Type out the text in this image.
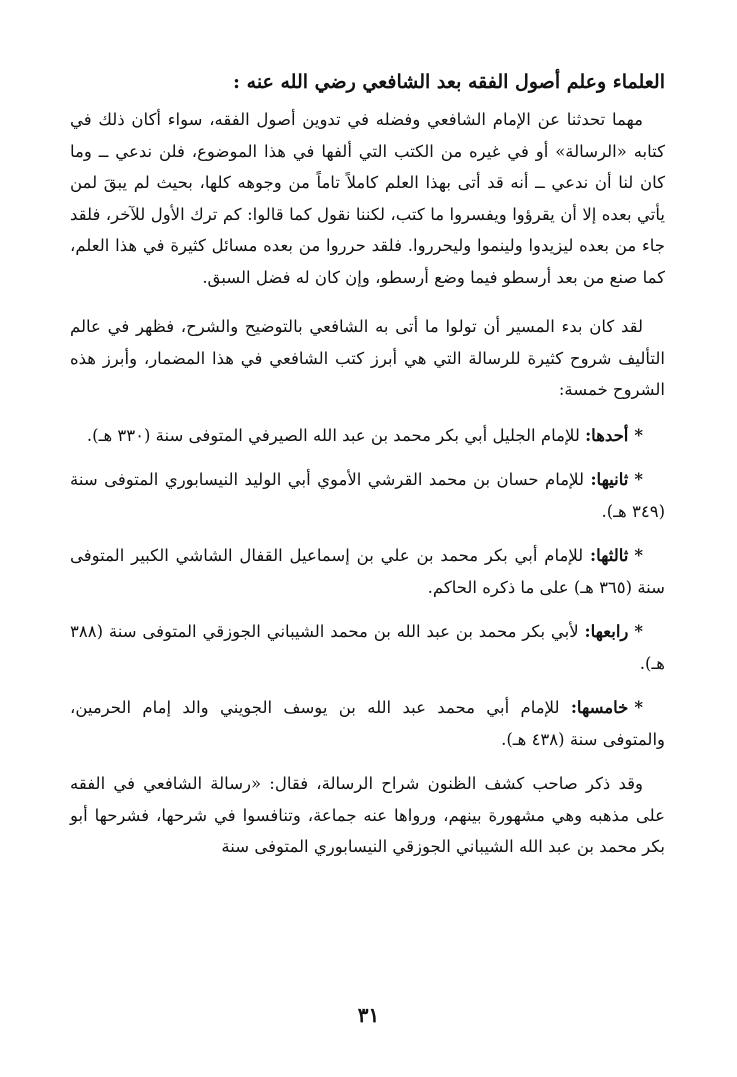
العلماء وعلم أصول الفقه بعد الشافعي رضي الله عنه :

مهما تحدثنا عن الإمام الشافعي وفضله في تدوين أصول الفقه، سواء أكان ذلك في كتابه «الرسالة» أو في غيره من الكتب التي ألفها في هذا الموضوع، فلن ندعي ــ وما كان لنا أن ندعي ــ أنه قد أتى بهذا العلم كاملاً تاماً من وجوهه كلها، بحيث لم يبقَ لمن يأتي بعده إلا أن يقرؤوا ويفسروا ما كتب، لكننا نقول كما قالوا: كم ترك الأول للآخر، فلقد جاء من بعده ليزيدوا ولينموا وليحرروا. فلقد حرروا من بعده مسائل كثيرة في هذا العلم، كما صنع من بعد أرسطو فيما وضع أرسطو، وإن كان له فضل السبق.

لقد كان بدء المسير أن تولوا ما أتى به الشافعي بالتوضيح والشرح، فظهر في عالم التأليف شروح كثيرة للرسالة التي هي أبرز كتب الشافعي في هذا المضمار، وأبرز هذه الشروح خمسة:

*أحدها: للإمام الجليل أبي بكر محمد بن عبد الله الصيرفي المتوفى سنة (٣٣٠ هـ).
*ثانيها: للإمام حسان بن محمد القرشي الأموي أبي الوليد النيسابوري المتوفى سنة (٣٤٩ هـ).
*ثالثها: للإمام أبي بكر محمد بن علي بن إسماعيل القفال الشاشي الكبير المتوفى سنة (٣٦٥ هـ) على ما ذكره الحاكم.
*رابعها: لأبي بكر محمد بن عبد الله بن محمد الشيباني الجوزقي المتوفى سنة (٣٨٨ هـ).
*خامسها: للإمام أبي محمد عبد الله بن يوسف الجويني والد إمام الحرمين، والمتوفى سنة (٤٣٨ هـ).

وقد ذكر صاحب كشف الظنون شراح الرسالة، فقال: «رسالة الشافعي في الفقه على مذهبه وهي مشهورة بينهم، ورواها عنه جماعة، وتنافسوا في شرحها، فشرحها أبو بكر محمد بن عبد الله الشيباني الجوزقي النيسابوري المتوفى سنة

٣١
